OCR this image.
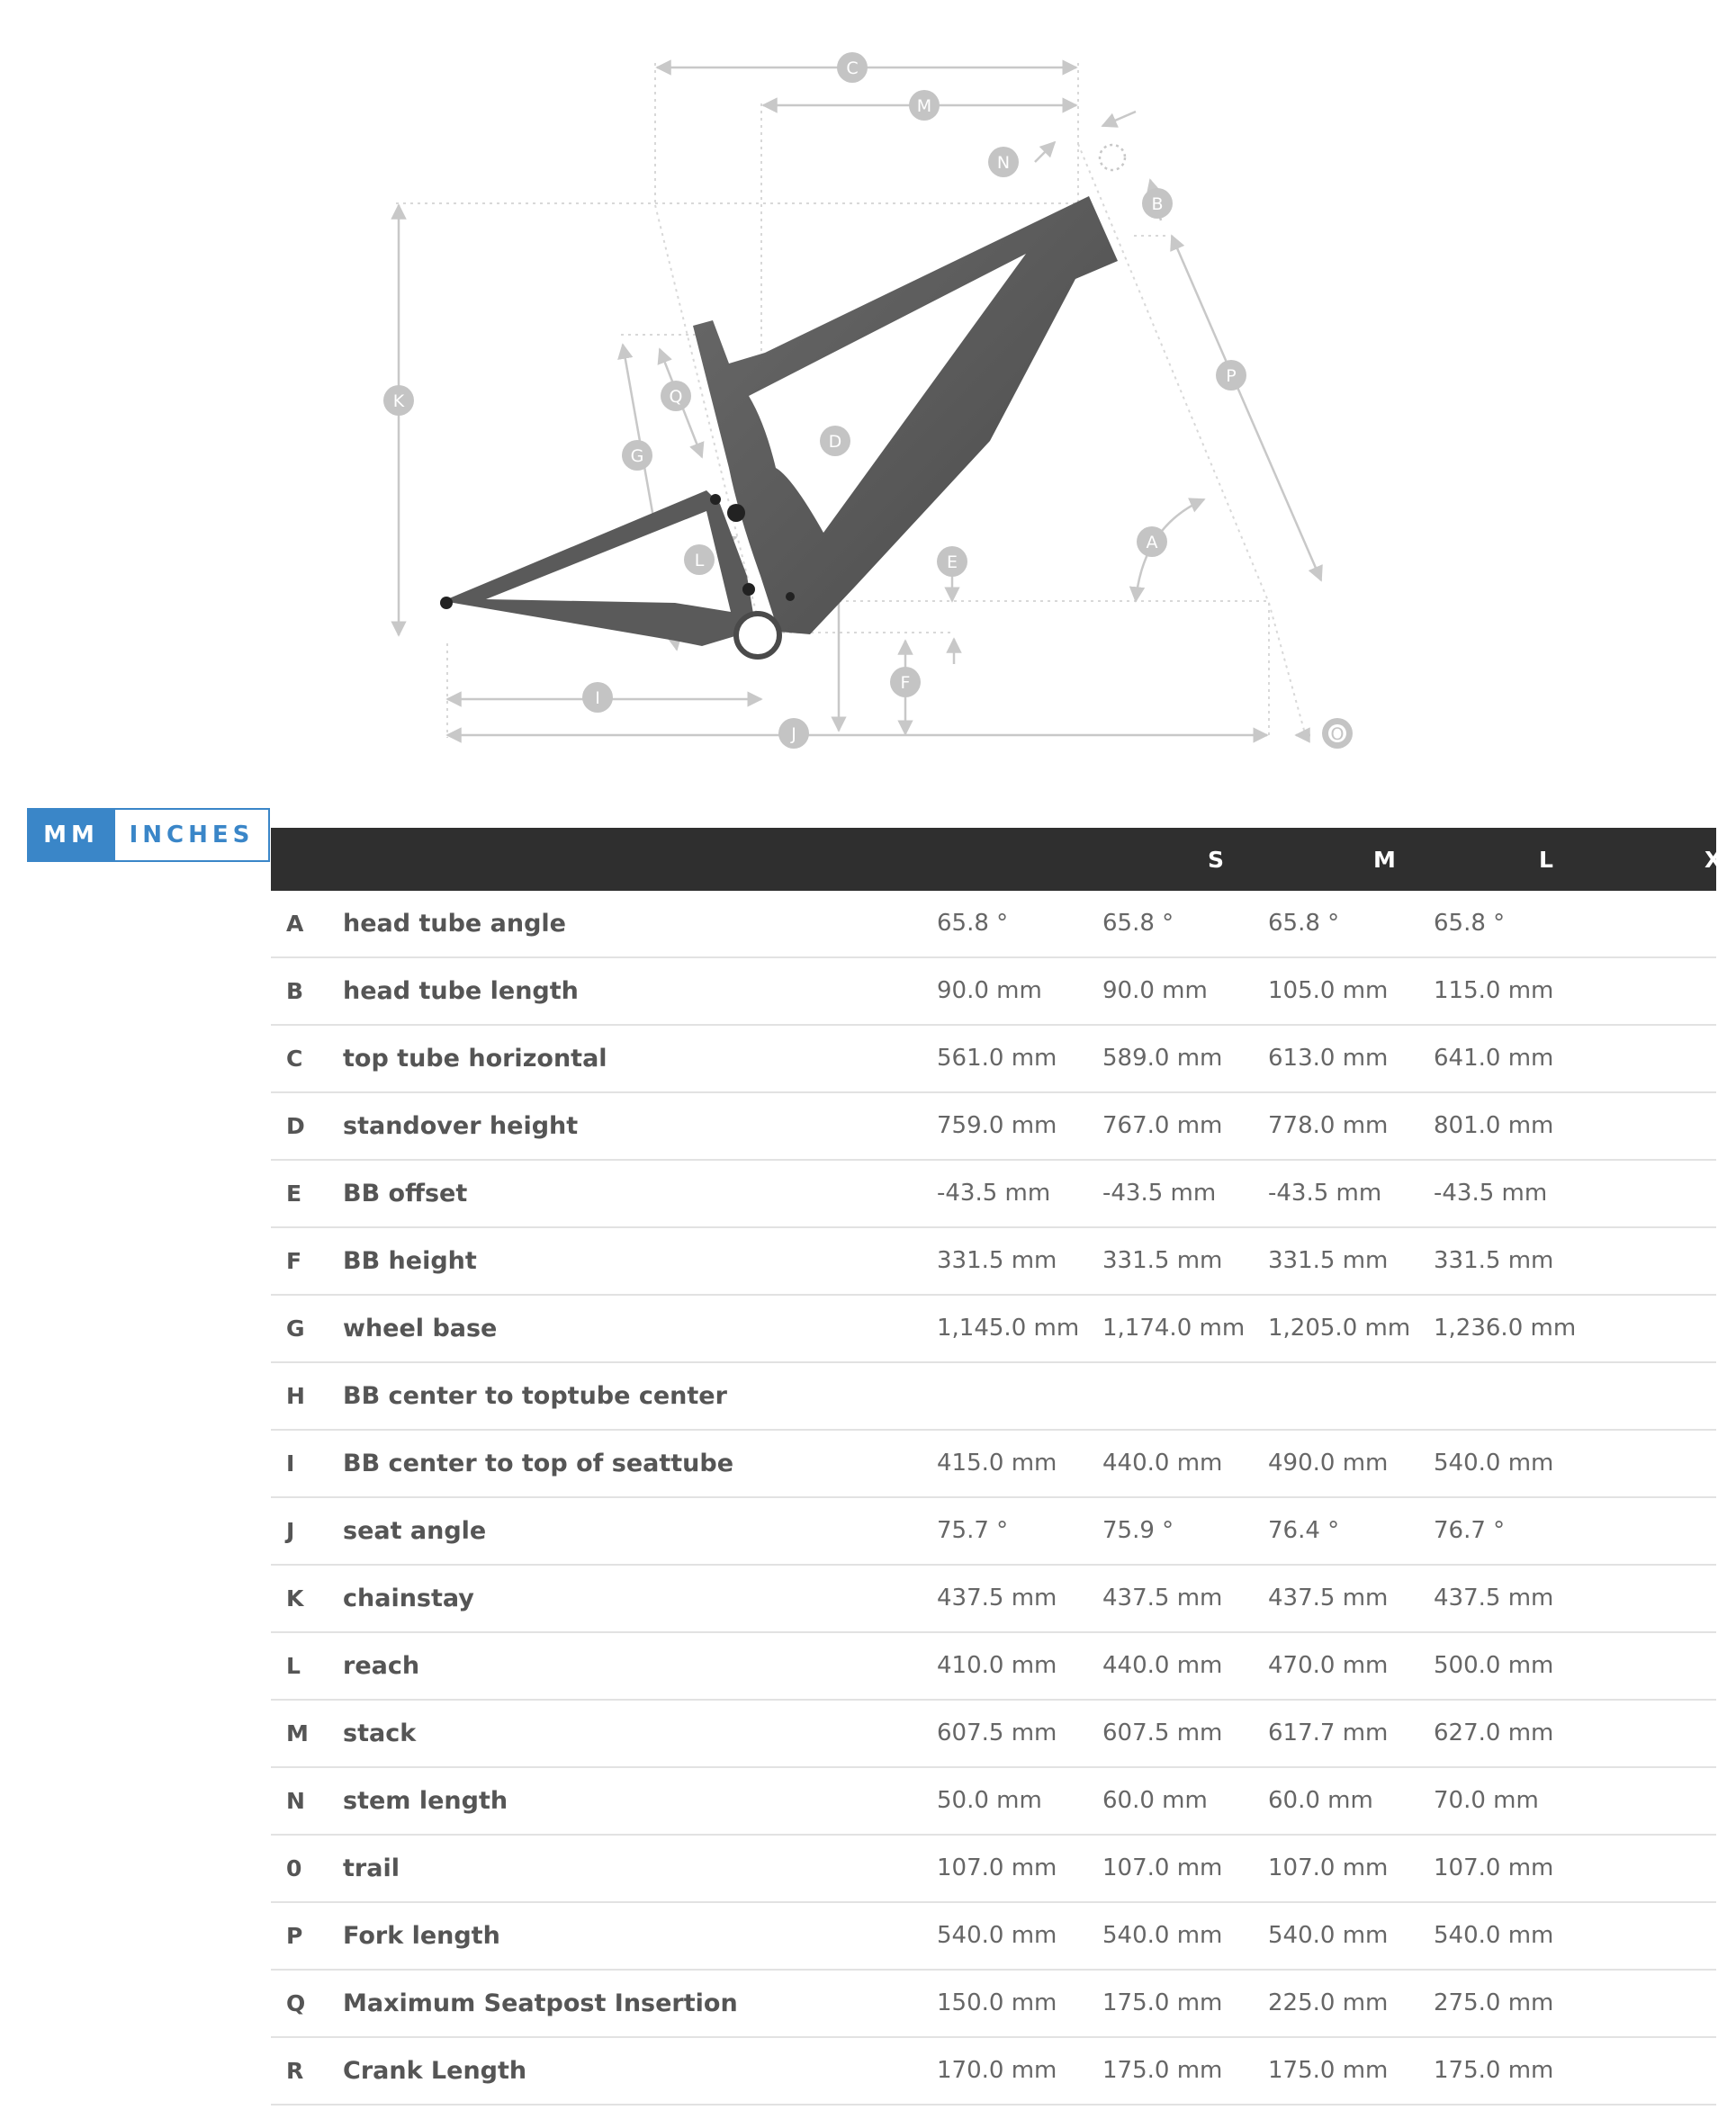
C
M
N
B
K	Q
G
D
P
A
L	E
F
I
J	O
MM	INCHES
S	M	L	XL
A head tube angle	65.8 °	65.8 °	65.8 °	65.8 °
B head tube length	90.0 mm	90.0 mm	105.0 mm 115.0 mm
C top tube horizontal	561.0 mm 589.0 mm 613.0 mm 641.0 mm
D standover height	759.0 mm 767.0 mm 778.0 mm 801.0 mm
E BB offset	-43.5 mm -43.5 mm -43.5 mm -43.5 mm
F BB height	331.5 mm 331.5 mm 331.5 mm 331.5 mm
G wheel base	1,145.0 mm 1,174.0 mm 1,205.0 mm 1,236.0 mm
H BB center to toptube center
I BB center to top of seattube	415.0 mm 440.0 mm 490.0 mm 540.0 mm
J seat angle	75.7 °	75.9 °	76.4 °	76.7 °
K chainstay	437.5 mm 437.5 mm 437.5 mm 437.5 mm
L reach	410.0 mm 440.0 mm 470.0 mm 500.0 mm
M stack	607.5 mm 607.5 mm 617.7 mm 627.0 mm
N stem length	50.0 mm	60.0 mm	60.0 mm	70.0 mm
0 trail	107.0 mm 107.0 mm 107.0 mm 107.0 mm
P Fork length	540.0 mm 540.0 mm 540.0 mm 540.0 mm
Q Maximum Seatpost Insertion	150.0 mm 175.0 mm 225.0 mm 275.0 mm
R Crank Length	170.0 mm 175.0 mm 175.0 mm 175.0 mm
